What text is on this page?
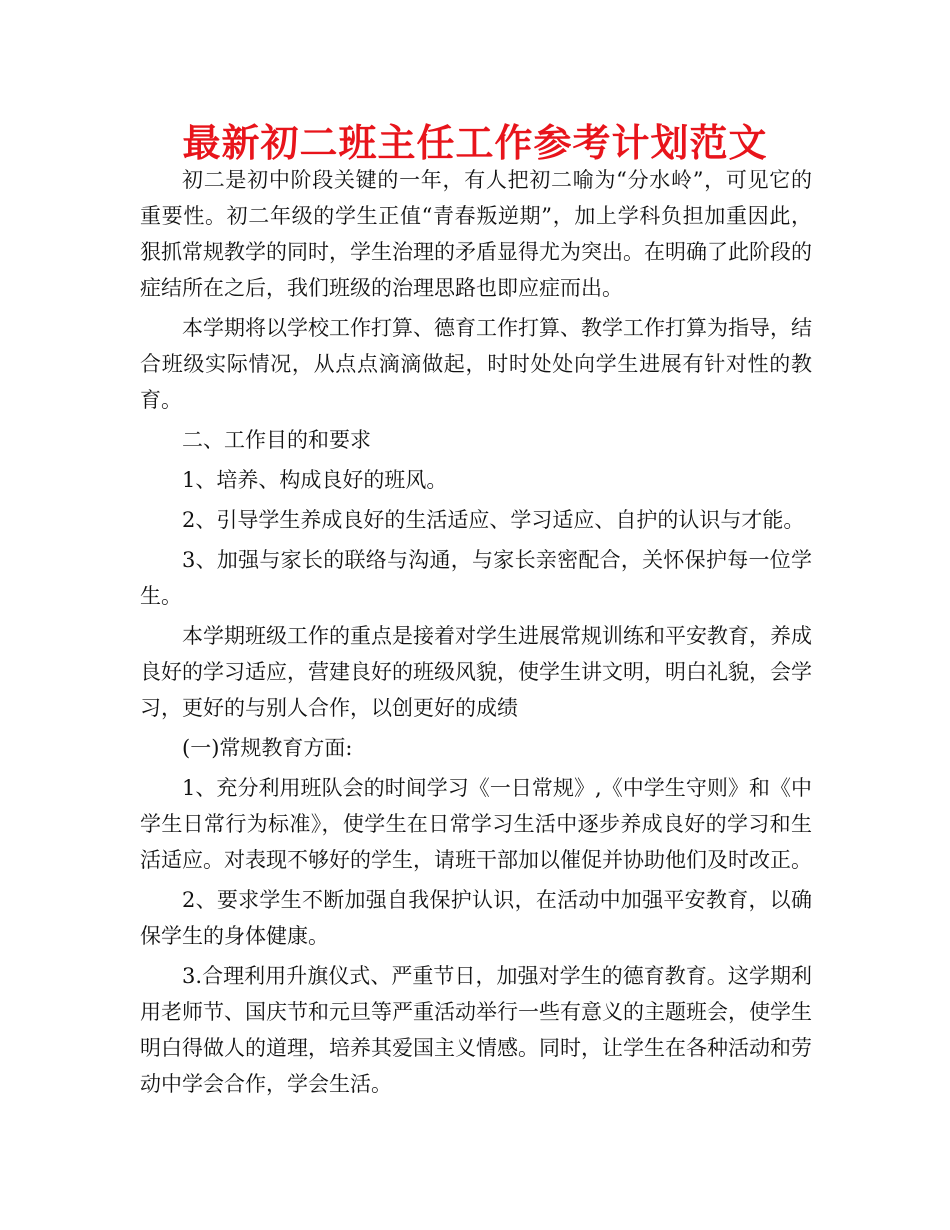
最新初二班主任工作参考计划范文

初二是初中阶段关键的一年，有人把初二喻为“分水岭”，可见它的重要性。初二年级的学生正值“青春叛逆期”，加上学科负担加重因此，狠抓常规教学的同时，学生治理的矛盾显得尤为突出。在明确了此阶段的症结所在之后，我们班级的治理思路也即应症而出。

本学期将以学校工作打算、德育工作打算、教学工作打算为指导，结合班级实际情况，从点点滴滴做起，时时处处向学生进展有针对性的教育。

二、工作目的和要求

1、培养、构成良好的班风。

2、引导学生养成良好的生活适应、学习适应、自护的认识与才能。

3、加强与家长的联络与沟通，与家长亲密配合，关怀保护每一位学生。

本学期班级工作的重点是接着对学生进展常规训练和平安教育，养成良好的学习适应，营建良好的班级风貌，使学生讲文明，明白礼貌，会学习，更好的与别人合作，以创更好的成绩

(一)常规教育方面:

1、充分利用班队会的时间学习《一日常规》,《中学生守则》和《中学生日常行为标准》，使学生在日常学习生活中逐步养成良好的学习和生活适应。对表现不够好的学生，请班干部加以催促并协助他们及时改正。

2、要求学生不断加强自我保护认识，在活动中加强平安教育，以确保学生的身体健康。

3.合理利用升旗仪式、严重节日，加强对学生的德育教育。这学期利用老师节、国庆节和元旦等严重活动举行一些有意义的主题班会，使学生明白得做人的道理，培养其爱国主义情感。同时，让学生在各种活动和劳动中学会合作，学会生活。
